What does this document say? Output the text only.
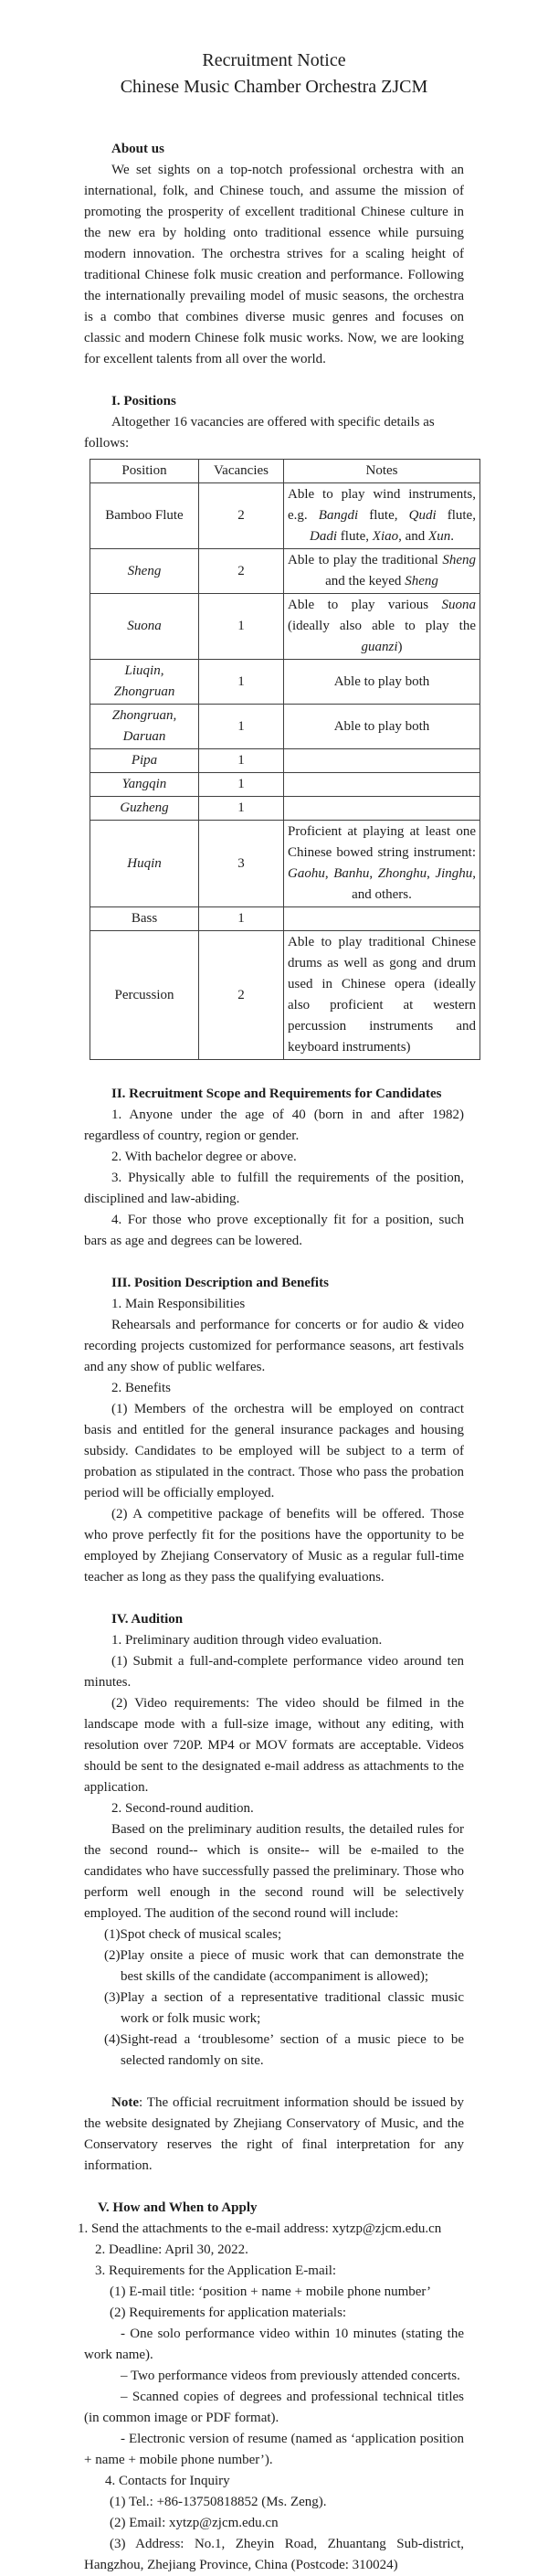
Recruitment Notice
Chinese Music Chamber Orchestra ZJCM

About us

We set sights on a top-notch professional orchestra with an international, folk, and Chinese touch, and assume the mission of promoting the prosperity of excellent traditional Chinese culture in the new era by holding onto traditional essence while pursuing modern innovation. The orchestra strives for a scaling height of traditional Chinese folk music creation and performance. Following the internationally prevailing model of music seasons, the orchestra is a combo that combines diverse music genres and focuses on classic and modern Chinese folk music works. Now, we are looking for excellent talents from all over the world.

I. Positions

Altogether 16 vacancies are offered with specific details as follows:

Position	Vacancies	Notes
Bamboo Flute	2	Able to play wind instruments, e.g. Bangdi flute, Qudi flute, Dadi flute, Xiao, and Xun.
Sheng	2	Able to play the traditional Sheng and the keyed Sheng
Suona	1	Able to play various Suona (ideally also able to play the guanzi)
Liuqin, Zhongruan	1	Able to play both
Zhongruan, Daruan	1	Able to play both
Pipa	1	
Yangqin	1	
Guzheng	1	
Huqin	3	Proficient at playing at least one Chinese bowed string instrument: Gaohu, Banhu, Zhonghu, Jinghu, and others.
Bass	1	
Percussion	2	Able to play traditional Chinese drums as well as gong and drum used in Chinese opera (ideally also proficient at western percussion instruments and keyboard instruments)

II. Recruitment Scope and Requirements for Candidates

1. Anyone under the age of 40 (born in and after 1982) regardless of country, region or gender.

2. With bachelor degree or above.

3. Physically able to fulfill the requirements of the position, disciplined and law-abiding.

4. For those who prove exceptionally fit for a position, such bars as age and degrees can be lowered.

III. Position Description and Benefits

1. Main Responsibilities

Rehearsals and performance for concerts or for audio & video recording projects customized for performance seasons, art festivals and any show of public welfares.

2. Benefits

(1) Members of the orchestra will be employed on contract basis and entitled for the general insurance packages and housing subsidy. Candidates to be employed will be subject to a term of probation as stipulated in the contract. Those who pass the probation period will be officially employed.

(2) A competitive package of benefits will be offered. Those who prove perfectly fit for the positions have the opportunity to be employed by Zhejiang Conservatory of Music as a regular full-time teacher as long as they pass the qualifying evaluations.

IV. Audition

1. Preliminary audition through video evaluation.

(1) Submit a full-and-complete performance video around ten minutes.

(2) Video requirements: The video should be filmed in the landscape mode with a full-size image, without any editing, with resolution over 720P. MP4 or MOV formats are acceptable. Videos should be sent to the designated e-mail address as attachments to the application.

2. Second-round audition.

Based on the preliminary audition results, the detailed rules for the second round-- which is onsite-- will be e-mailed to the candidates who have successfully passed the preliminary. Those who perform well enough in the second round will be selectively employed. The audition of the second round will include:

(1)Spot check of musical scales;

(2)Play onsite a piece of music work that can demonstrate the best skills of the candidate (accompaniment is allowed);

(3)Play a section of a representative traditional classic music work or folk music work;

(4)Sight-read a ‘troublesome’ section of a music piece to be selected randomly on site.

Note: The official recruitment information should be issued by the website designated by Zhejiang Conservatory of Music, and the Conservatory reserves the right of final interpretation for any information.

V. How and When to Apply

1. Send the attachments to the e-mail address: xytzp@zjcm.edu.cn

2. Deadline: April 30, 2022.

3. Requirements for the Application E-mail:

(1) E-mail title: ‘position + name + mobile phone number’

(2) Requirements for application materials:

- One solo performance video within 10 minutes (stating the work name).

– Two performance videos from previously attended concerts.

– Scanned copies of degrees and professional technical titles (in common image or PDF format).

- Electronic version of resume (named as ‘application position + name + mobile phone number’).

4. Contacts for Inquiry

(1) Tel.: +86-13750818852 (Ms. Zeng).

(2) Email: xytzp@zjcm.edu.cn

(3) Address: No.1, Zheyin Road, Zhuantang Sub-district, Hangzhou, Zhejiang Province, China (Postcode: 310024)
